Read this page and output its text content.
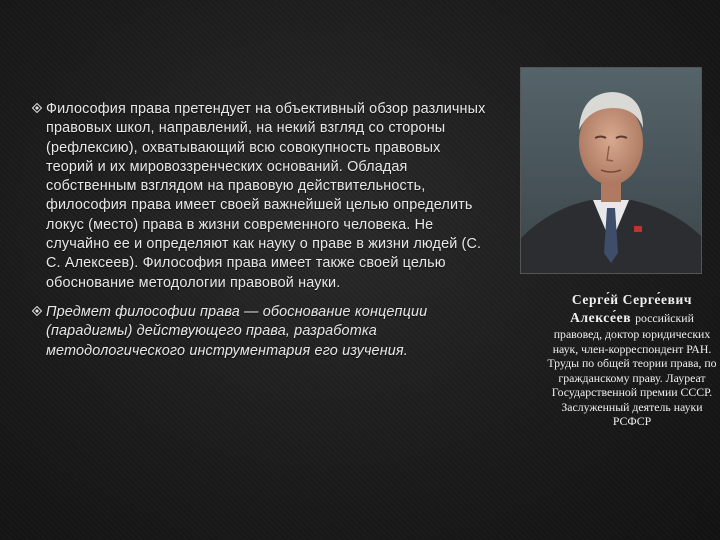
Философия права претендует на объективный обзор различных правовых школ, направлений, на некий взгляд со стороны (рефлексию), охватывающий всю совокупность правовых теорий и их мировоззренческих оснований. Обладая собственным взглядом на правовую действительность, философия права имеет своей важнейшей целью определить локус (место) права в жизни современного человека. Не случайно ее и определяют как науку о праве в жизни людей (С. С. Алексеев). Философия права имеет также своей целью обоснование методологии правовой науки.
Предмет философии права — обоснование концепции (парадигмы) действующего права, разработка методологического инструментария его изучения.
Серге́й Серге́евич
Алексе́ев российский
правовед, доктор юридических наук, член-корреспондент РАН. Труды по общей теории права, по гражданскому праву. Лауреат Государственной премии СССР. Заслуженный деятель науки РСФСР
